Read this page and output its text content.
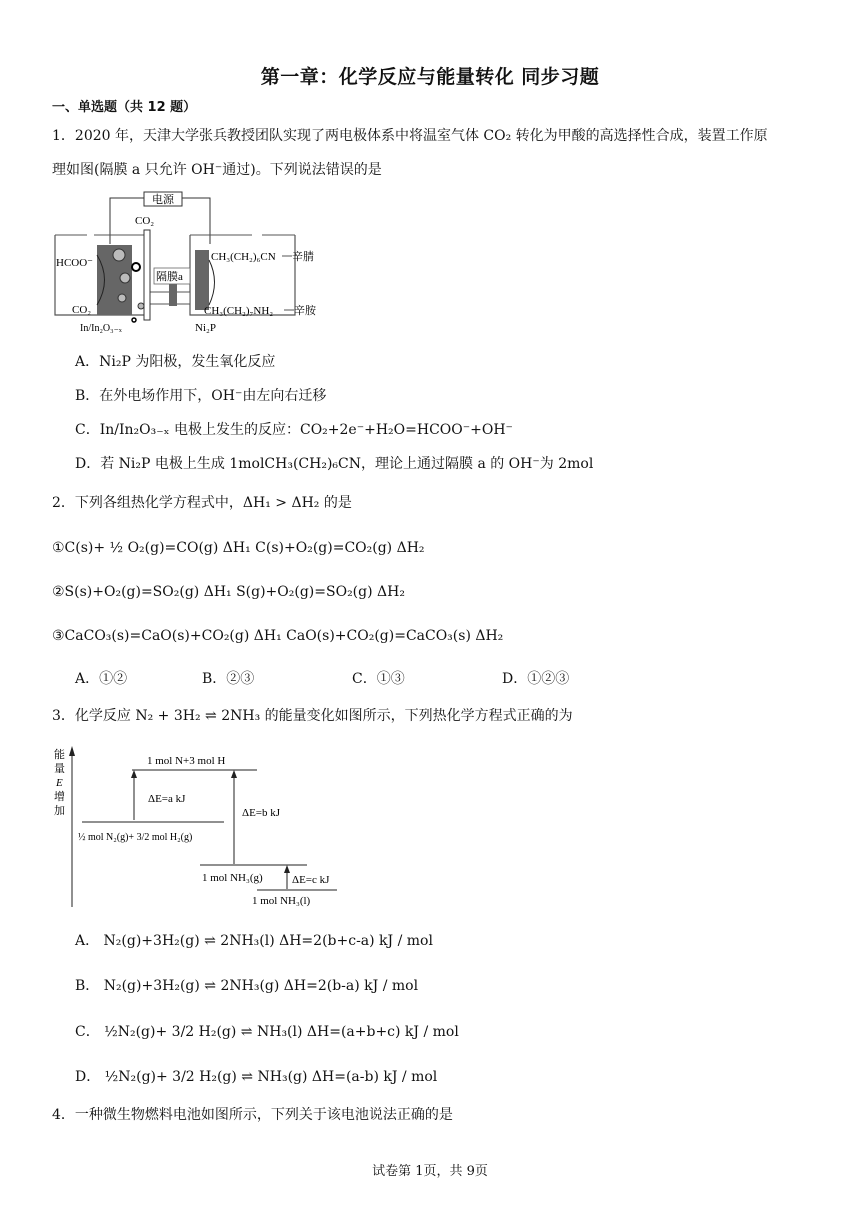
第一章：化学反应与能量转化 同步习题
一、单选题（共 12 题）
1．2020 年，天津大学张兵教授团队实现了两电极体系中将温室气体 CO₂ 转化为甲酸的高选择性合成，装置工作原
理如图(隔膜 a 只允许 OH⁻通过)。下列说法错误的是
电源
CO₂
HCOO⁻
CO₂
In/In₂O₃₋ₓ
隔膜a
CH₃(CH₂)₆CN 辛腈
CH₃(CH₂)₇NH₂ 辛胺
Ni₂P
A．Ni₂P 为阳极，发生氧化反应
B．在外电场作用下，OH⁻由左向右迁移
C．In/In₂O₃₋ₓ 电极上发生的反应：CO₂+2e⁻+H₂O=HCOO⁻+OH⁻
D．若 Ni₂P 电极上生成 1molCH₃(CH₂)₆CN，理论上通过隔膜 a 的 OH⁻为 2mol
2．下列各组热化学方程式中，ΔH₁ > ΔH₂ 的是
①C(s)+ ½ O₂(g)=CO(g) ΔH₁ C(s)+O₂(g)=CO₂(g) ΔH₂
②S(s)+O₂(g)=SO₂(g) ΔH₁ S(g)+O₂(g)=SO₂(g) ΔH₂
③CaCO₃(s)=CaO(s)+CO₂(g) ΔH₁ CaO(s)+CO₂(g)=CaCO₃(s) ΔH₂
A．①②	B．②③	C．①③	D．①②③
3．化学反应 N₂ + 3H₂ ⇌ 2NH₃ 的能量变化如图所示，下列热化学方程式正确的为
能
量
E
增
加
1 mol N+3 mol H
½ mol N₂(g)+ 3/2 mol H₂(g)
1 mol NH₃(g)
1 mol NH₃(l)
ΔE=a kJ
ΔE=b kJ
ΔE=c kJ
A． N₂(g)+3H₂(g) ⇌ 2NH₃(l) ΔH=2(b+c-a) kJ / mol
B． N₂(g)+3H₂(g) ⇌ 2NH₃(g) ΔH=2(b-a) kJ / mol
C． ½N₂(g)+ 3/2 H₂(g) ⇌ NH₃(l) ΔH=(a+b+c) kJ / mol
D． ½N₂(g)+ 3/2 H₂(g) ⇌ NH₃(g) ΔH=(a-b) kJ / mol
4．一种微生物燃料电池如图所示，下列关于该电池说法正确的是
试卷第 1页，共 9页
